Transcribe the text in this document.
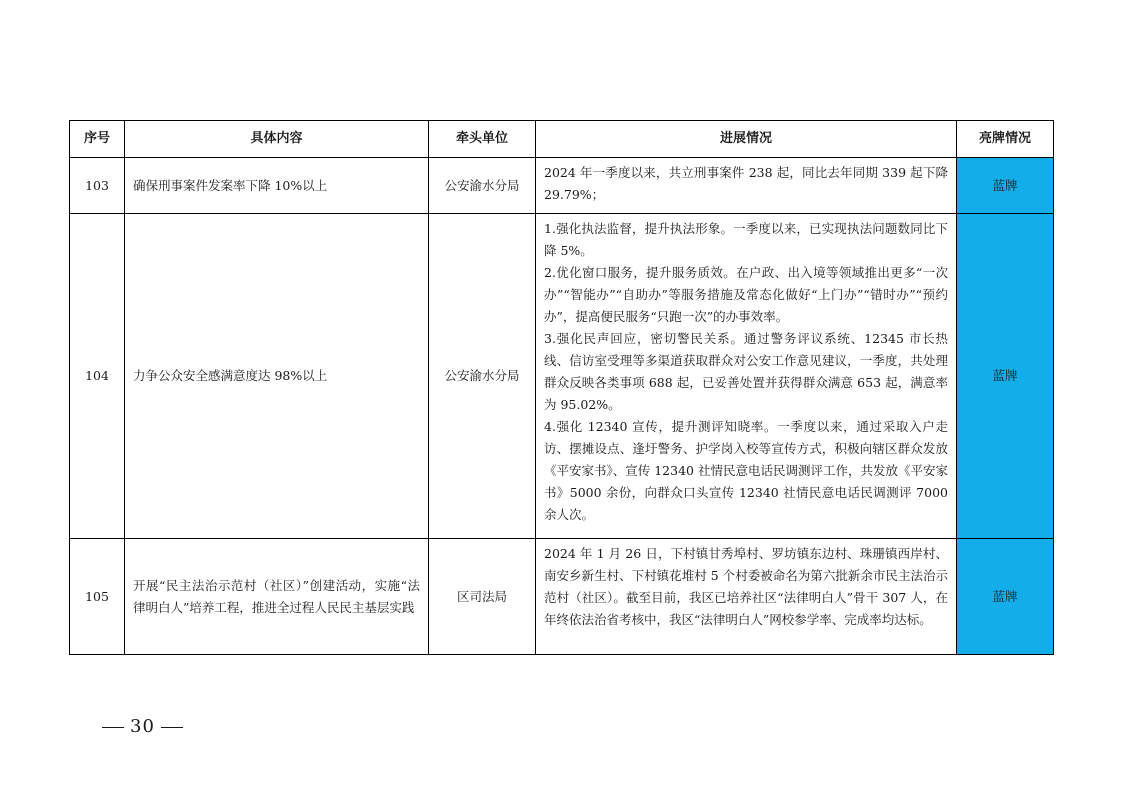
序号	具体内容	牵头单位	进展情况	亮牌情况
103	确保刑事案件发案率下降 10%以上	公安渝水分局	2024 年一季度以来，共立刑事案件 238 起，同比去年同期 339 起下降 29.79%；	蓝牌
104	力争公众安全感满意度达 98%以上	公安渝水分局	1.强化执法监督，提升执法形象。一季度以来，已实现执法问题数同比下降 5%。
2.优化窗口服务，提升服务质效。在户政、出入境等领域推出更多“一次办”“智能办”“自助办”等服务措施及常态化做好“上门办”“错时办”“预约办”，提高便民服务“只跑一次”的办事效率。
3.强化民声回应，密切警民关系。通过警务评议系统、12345 市长热线、信访室受理等多渠道获取群众对公安工作意见建议，一季度，共处理群众反映各类事项 688 起，已妥善处置并获得群众满意 653 起，满意率为 95.02%。
4.强化 12340 宣传，提升测评知晓率。一季度以来，通过采取入户走访、摆摊设点、逢圩警务、护学岗入校等宣传方式，积极向辖区群众发放《平安家书》、宣传 12340 社情民意电话民调测评工作，共发放《平安家书》5000 余份，向群众口头宣传 12340 社情民意电话民调测评 7000 余人次。	蓝牌
105	开展“民主法治示范村（社区）”创建活动，实施“法律明白人”培养工程，推进全过程人民民主基层实践	区司法局	2024 年 1 月 26 日，下村镇甘秀埠村、罗坊镇东边村、珠珊镇西岸村、南安乡新生村、下村镇花堆村 5 个村委被命名为第六批新余市民主法治示范村（社区）。截至目前，我区已培养社区“法律明白人”骨干 307 人，在年终依法治省考核中，我区“法律明白人”网校参学率、完成率均达标。	蓝牌
30
